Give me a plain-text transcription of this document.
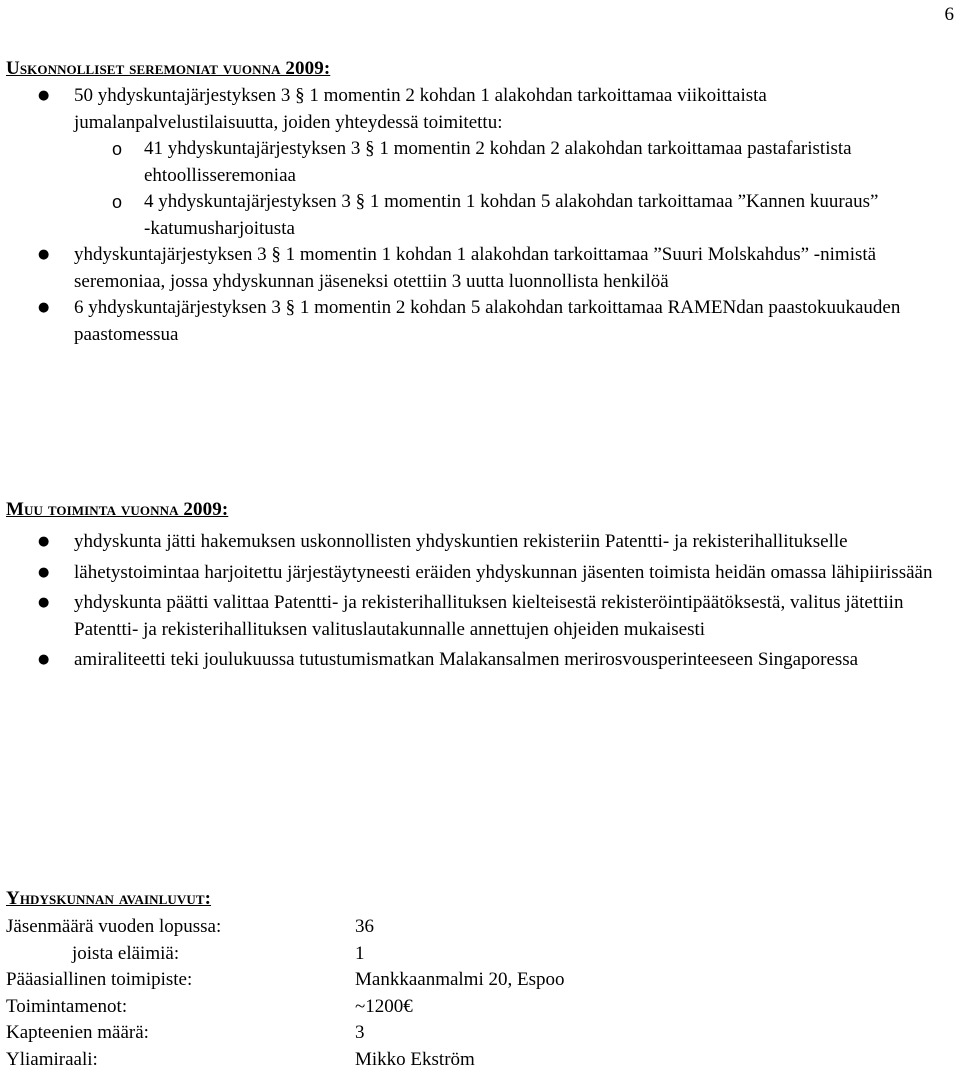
6
Uskonnolliset seremoniat vuonna 2009:
● 50 yhdyskuntajärjestyksen 3 § 1 momentin 2 kohdan 1 alakohdan tarkoittamaa viikoittaista jumalanpalvelustilaisuutta, joiden yhteydessä toimitettu:
o 41 yhdyskuntajärjestyksen 3 § 1 momentin 2 kohdan 2 alakohdan tarkoittamaa pastafaristista ehtoollisseremoniaa
o 4 yhdyskuntajärjestyksen 3 § 1 momentin 1 kohdan 5 alakohdan tarkoittamaa ”Kannen kuuraus” -katumusharjoitusta
● yhdyskuntajärjestyksen 3 § 1 momentin 1 kohdan 1 alakohdan tarkoittamaa ”Suuri Molskahdus” -nimistä seremoniaa, jossa yhdyskunnan jäseneksi otettiin 3 uutta luonnollista henkilöä
● 6 yhdyskuntajärjestyksen 3 § 1 momentin 2 kohdan 5 alakohdan tarkoittamaa RAMENdan paastokuukauden paastomessua
Muu toiminta vuonna 2009:
● yhdyskunta jätti hakemuksen uskonnollisten yhdyskuntien rekisteriin Patentti- ja rekisterihallitukselle
● lähetystoimintaa harjoitettu järjestäytyneesti eräiden yhdyskunnan jäsenten toimista heidän omassa lähipiirissään
● yhdyskunta päätti valittaa Patentti- ja rekisterihallituksen kielteisestä rekisteröintipäätöksestä, valitus jätettiin Patentti- ja rekisterihallituksen valituslautakunnalle annettujen ohjeiden mukaisesti
● amiraliteetti teki joulukuussa tutustumismatkan Malakansalmen merirosvousperinteeseen Singaporessa
Yhdyskunnan avainluvut:
Jäsenmäärä vuoden lopussa:	36
joista eläimiä:	1
Pääasiallinen toimipiste:	Mankkaanmalmi 20, Espoo
Toimintamenot:	~1200€
Kapteenien määrä:	3
Yliamiraali:	Mikko Ekström
